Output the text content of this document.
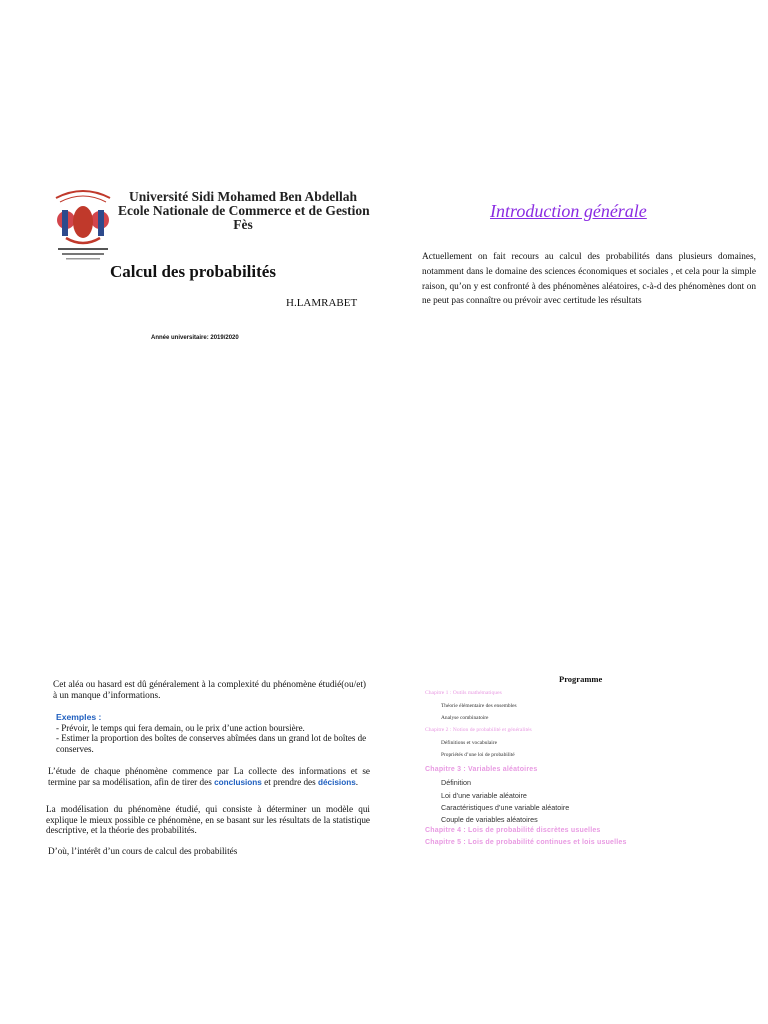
Université Sidi Mohamed Ben Abdellah
Ecole Nationale de Commerce et de Gestion
Fès
Calcul des probabilités
H.LAMRABET
Année universitaire: 2019/2020
Introduction générale
Actuellement on fait recours au calcul des probabilités dans plusieurs domaines, notamment dans le domaine des sciences économiques et sociales , et cela pour la simple raison, qu’on y est confronté à des phénomènes aléatoires, c-à-d des phénomènes dont on ne peut pas connaître ou prévoir avec certitude les résultats
Cet aléa ou hasard est dû généralement à la complexité du phénomène étudié(ou/et) à un manque d’informations.
Exemples :
- Prévoir, le temps qui fera demain, ou le prix d’une action boursière.
- Estimer la proportion des boîtes de conserves abîmées dans un grand lot de boîtes de conserves.
L’étude de chaque phénomène commence par La collecte des informations et se termine par sa modélisation, afin de tirer des conclusions et prendre des décisions.
La modélisation du phénomène étudié, qui consiste à déterminer un modèle qui explique le mieux possible ce phénomène, en se basant sur les résultats de la statistique descriptive, et la théorie des probabilités.
D’où, l’intérêt d’un cours de calcul des probabilités
Programme
Chapitre 1 : Outils mathématiques
Théorie élémentaire des ensembles
Analyse combinatoire
Chapitre 2 : Notion de probabilité et généralités
Définitions et vocabulaire
Propriétés d’une loi de probabilité
Chapitre 3 : Variables aléatoires
Définition
Loi d’une variable aléatoire
Caractéristiques d’une variable aléatoire
Couple de variables aléatoires
Chapitre 4 : Lois de probabilité discrètes usuelles
Chapitre 5 : Lois de probabilité continues et lois usuelles
